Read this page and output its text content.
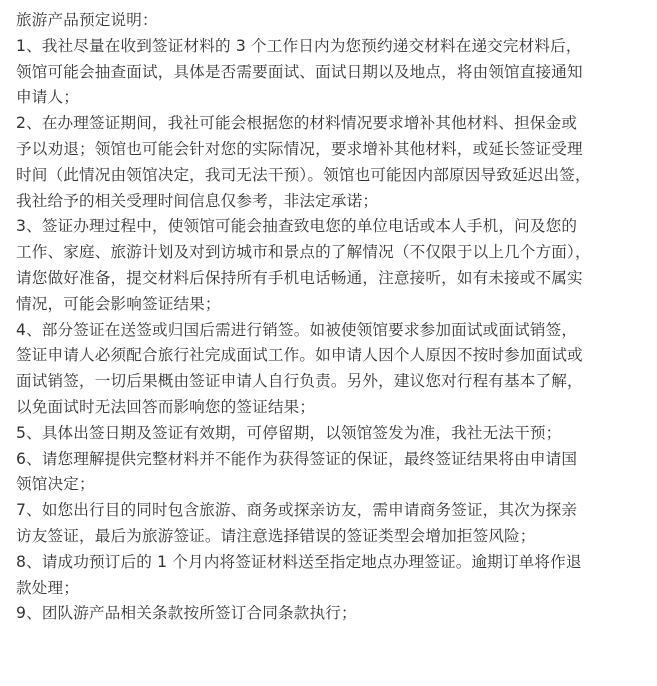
旅游产品预定说明：
1、我社尽量在收到签证材料的 3 个工作日内为您预约递交材料在递交完材料后，
领馆可能会抽查面试，具体是否需要面试、面试日期以及地点，将由领馆直接通知
申请人；
2、在办理签证期间，我社可能会根据您的材料情况要求增补其他材料、担保金或
予以劝退；领馆也可能会针对您的实际情况，要求增补其他材料，或延长签证受理
时间（此情况由领馆决定，我司无法干预）。领馆也可能因内部原因导致延迟出签，
我社给予的相关受理时间信息仅参考，非法定承诺；
3、签证办理过程中，使领馆可能会抽查致电您的单位电话或本人手机，问及您的
工作、家庭、旅游计划及对到访城市和景点的了解情况（不仅限于以上几个方面），
请您做好准备，提交材料后保持所有手机电话畅通，注意接听，如有未接或不属实
情况，可能会影响签证结果；
4、部分签证在送签或归国后需进行销签。如被使领馆要求参加面试或面试销签，
签证申请人必须配合旅行社完成面试工作。如申请人因个人原因不按时参加面试或
面试销签，一切后果概由签证申请人自行负责。另外，建议您对行程有基本了解，
以免面试时无法回答而影响您的签证结果；
5、具体出签日期及签证有效期，可停留期，以领馆签发为准，我社无法干预；
6、请您理解提供完整材料并不能作为获得签证的保证，最终签证结果将由申请国
领馆决定；
7、如您出行目的同时包含旅游、商务或探亲访友，需申请商务签证，其次为探亲
访友签证，最后为旅游签证。请注意选择错误的签证类型会增加拒签风险；
8、请成功预订后的 1 个月内将签证材料送至指定地点办理签证。逾期订单将作退
款处理；
9、团队游产品相关条款按所签订合同条款执行；
